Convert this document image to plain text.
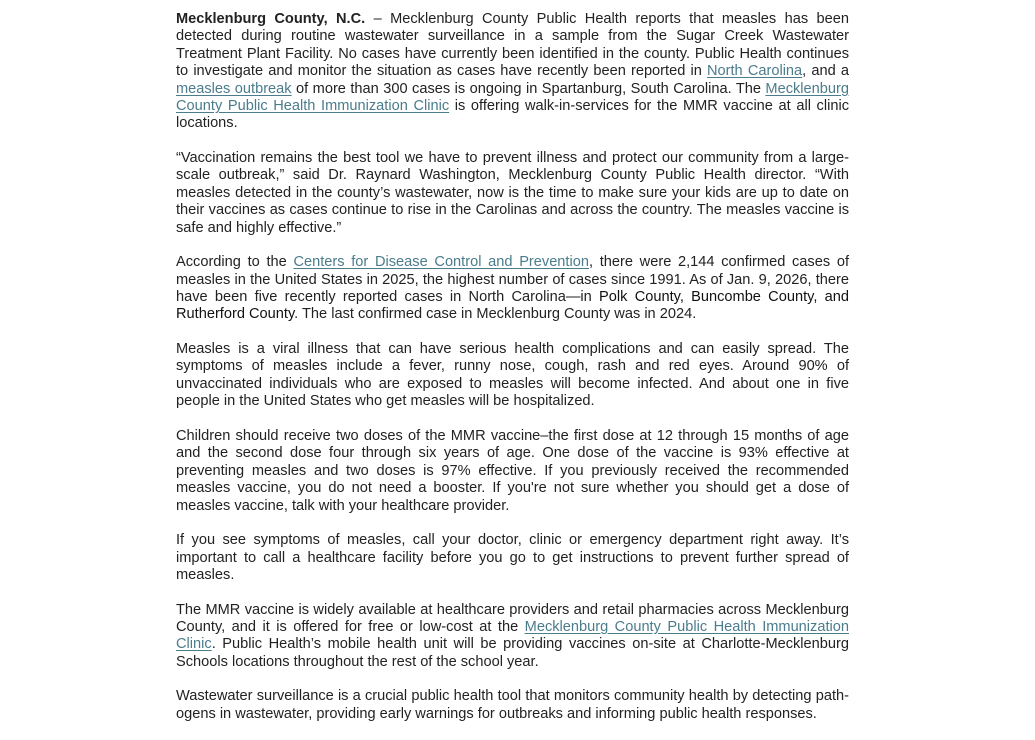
Mecklenburg County, N.C. – Mecklenburg County Public Health reports that measles has been detected during routine wastewater surveillance in a sample from the Sugar Creek Wastewater Treatment Plant Facility. No cases have currently been identified in the county. Public Health continues to investigate and monitor the situation as cases have recently been reported in North Carolina, and a measles outbreak of more than 300 cases is ongoing in Spartanburg, South Carolina. The Mecklenburg County Public Health Immunization Clinic is offering walk-in-services for the MMR vaccine at all clinic locations.

“Vaccination remains the best tool we have to prevent illness and protect our community from a large-scale outbreak,” said Dr. Raynard Washington, Mecklenburg County Public Health director. “With measles detected in the county’s wastewater, now is the time to make sure your kids are up to date on their vaccines as cases continue to rise in the Carolinas and across the country. The measles vaccine is safe and highly effective.”

According to the Centers for Disease Control and Prevention, there were 2,144 confirmed cases of measles in the United States in 2025, the highest number of cases since 1991. As of Jan. 9, 2026, there have been five recently reported cases in North Carolina—in Polk County, Buncombe County, and Rutherford County. The last confirmed case in Mecklenburg County was in 2024.

Measles is a viral illness that can have serious health complications and can easily spread. The symptoms of measles include a fever, runny nose, cough, rash and red eyes. Around 90% of unvaccinated individuals who are exposed to measles will become infected. And about one in five people in the United States who get measles will be hospitalized.

Children should receive two doses of the MMR vaccine–the first dose at 12 through 15 months of age and the second dose four through six years of age. One dose of the vaccine is 93% effective at preventing measles and two doses is 97% effective. If you previously received the recommended measles vaccine, you do not need a booster. If you're not sure whether you should get a dose of measles vaccine, talk with your healthcare provider.

If you see symptoms of measles, call your doctor, clinic or emergency department right away. It’s important to call a healthcare facility before you go to get instructions to prevent further spread of measles.

The MMR vaccine is widely available at healthcare providers and retail pharmacies across Mecklenburg County, and it is offered for free or low-cost at the Mecklenburg County Public Health Immunization Clinic. Public Health’s mobile health unit will be providing vaccines on-site at Charlotte-Mecklenburg Schools locations throughout the rest of the school year.

Wastewater surveillance is a crucial public health tool that monitors community health by detecting pathogens in wastewater, providing early warnings for outbreaks and informing public health responses.
